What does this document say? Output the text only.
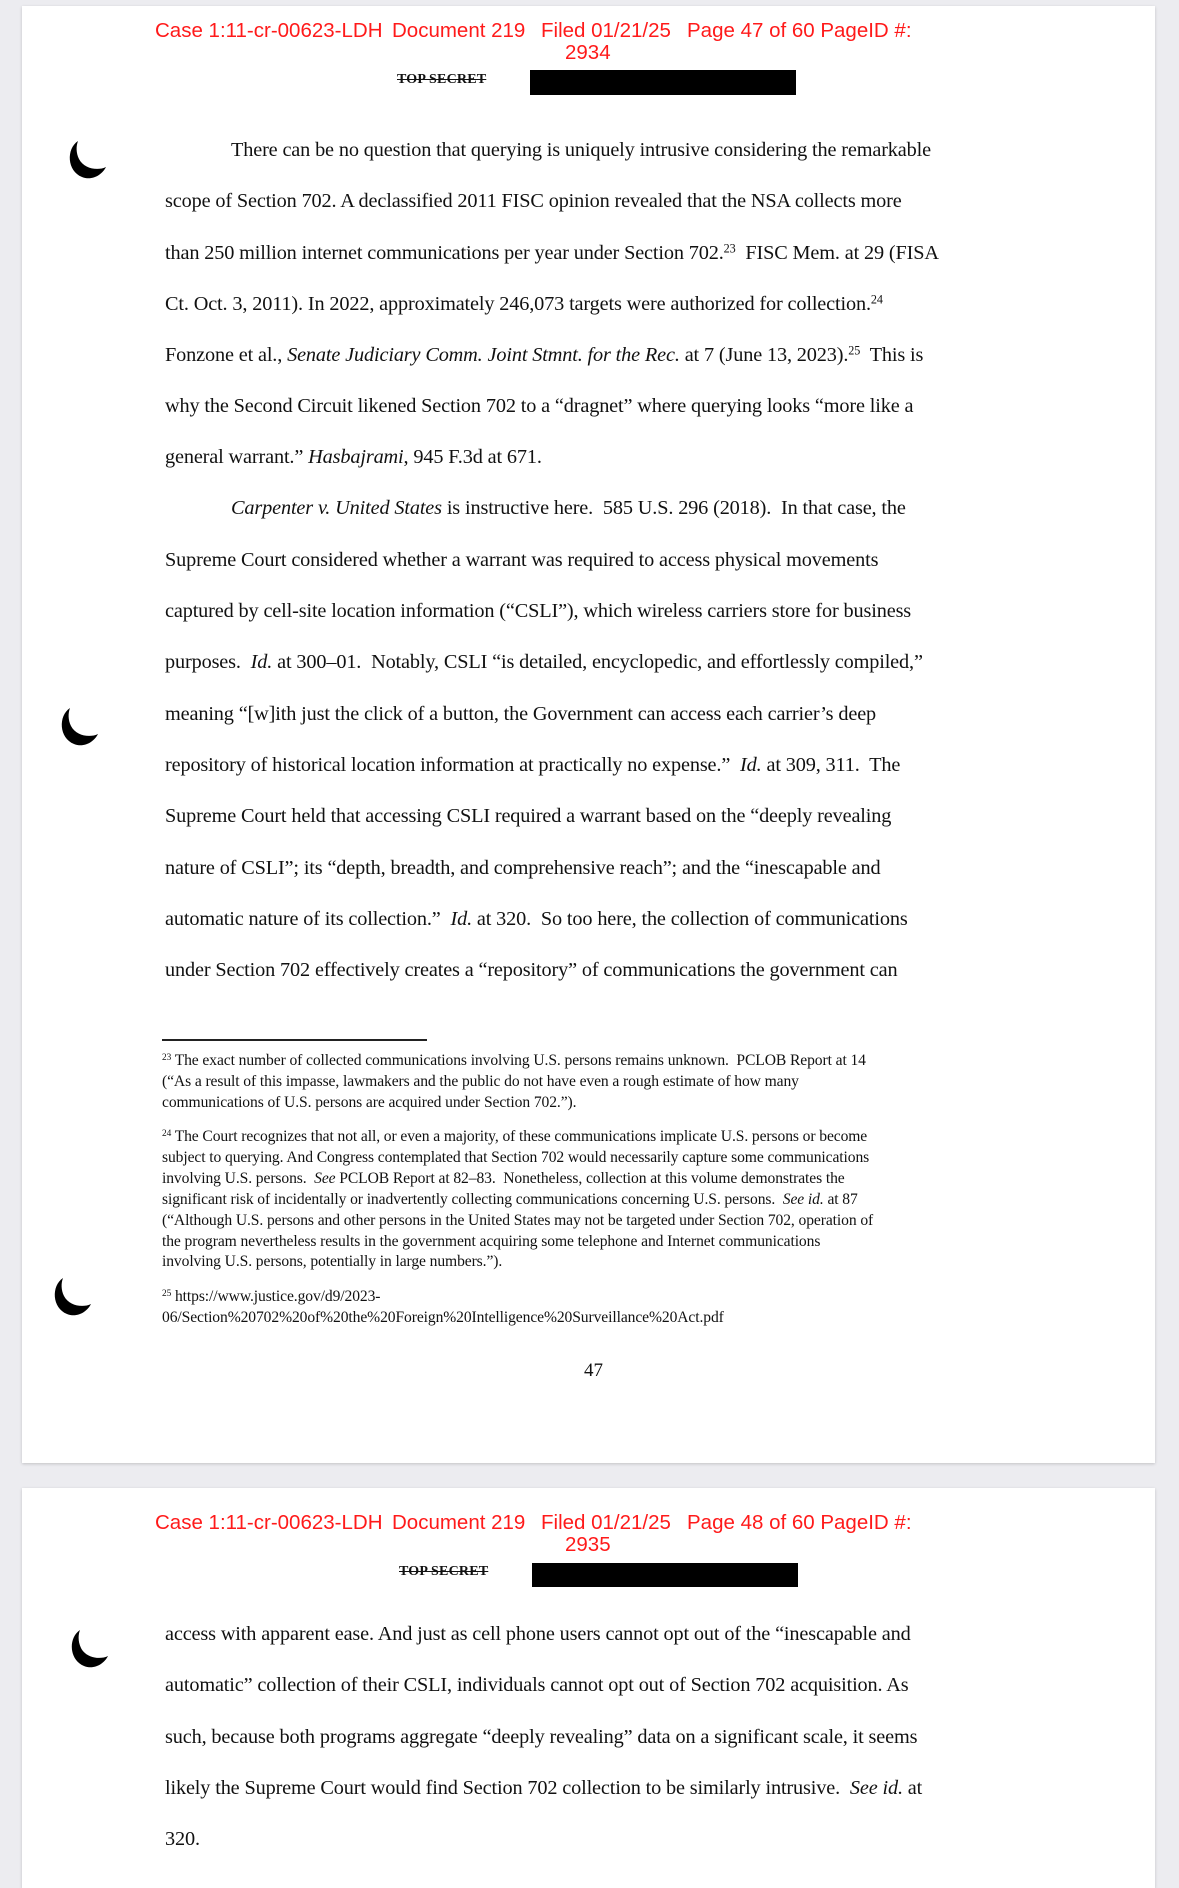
Case 1:11-cr-00623-LDH Document 219 Filed 01/21/25 Page 47 of 60 PageID #:
2934
TOP SECRET
There can be no question that querying is uniquely intrusive considering the remarkable
scope of Section 702. A declassified 2011 FISC opinion revealed that the NSA collects more
than 250 million internet communications per year under Section 702.23  FISC Mem. at 29 (FISA
Ct. Oct. 3, 2011). In 2022, approximately 246,073 targets were authorized for collection.$^{24}$
Fonzone et al., Senate Judiciary Comm. Joint Stmnt. for the Rec. at 7 (June 13, 2023).$^{25}$  This is
why the Second Circuit likened Section 702 to a “dragnet” where querying looks “more like a
general warrant.” Hasbajrami, 945 F.3d at 671.
Carpenter v. United States is instructive here.  585 U.S. 296 (2018).  In that case, the
Supreme Court considered whether a warrant was required to access physical movements
captured by cell-site location information (“CSLI”), which wireless carriers store for business
purposes.  Id. at 300–01.  Notably, CSLI “is detailed, encyclopedic, and effortlessly compiled,”
meaning “[w]ith just the click of a button, the Government can access each carrier’s deep
repository of historical location information at practically no expense.”  Id. at 309, 311.  The
Supreme Court held that accessing CSLI required a warrant based on the “deeply revealing
nature of CSLI”; its “depth, breadth, and comprehensive reach”; and the “inescapable and
automatic nature of its collection.”  Id. at 320.  So too here, the collection of communications
under Section 702 effectively creates a “repository” of communications the government can
$^{23}$ The exact number of collected communications involving U.S. persons remains unknown.  PCLOB Report at 14
(“As a result of this impasse, lawmakers and the public do not have even a rough estimate of how many
communications of U.S. persons are acquired under Section 702.”).
$^{24}$ The Court recognizes that not all, or even a majority, of these communications implicate U.S. persons or become
subject to querying. And Congress contemplated that Section 702 would necessarily capture some communications
involving U.S. persons.  See PCLOB Report at 82–83.  Nonetheless, collection at this volume demonstrates the
significant risk of incidentally or inadvertently collecting communications concerning U.S. persons.  See id. at 87
(“Although U.S. persons and other persons in the United States may not be targeted under Section 702, operation of
the program nevertheless results in the government acquiring some telephone and Internet communications
involving U.S. persons, potentially in large numbers.”).
$^{25}$ https://www.justice.gov/d9/2023-
06/Section%20702%20of%20the%20Foreign%20Intelligence%20Surveillance%20Act.pdf
47
Case 1:11-cr-00623-LDH Document 219 Filed 01/21/25 Page 48 of 60 PageID #:
2935
TOP SECRET
access with apparent ease. And just as cell phone users cannot opt out of the “inescapable and
automatic” collection of their CSLI, individuals cannot opt out of Section 702 acquisition. As
such, because both programs aggregate “deeply revealing” data on a significant scale, it seems
likely the Supreme Court would find Section 702 collection to be similarly intrusive.  See id. at
320.
